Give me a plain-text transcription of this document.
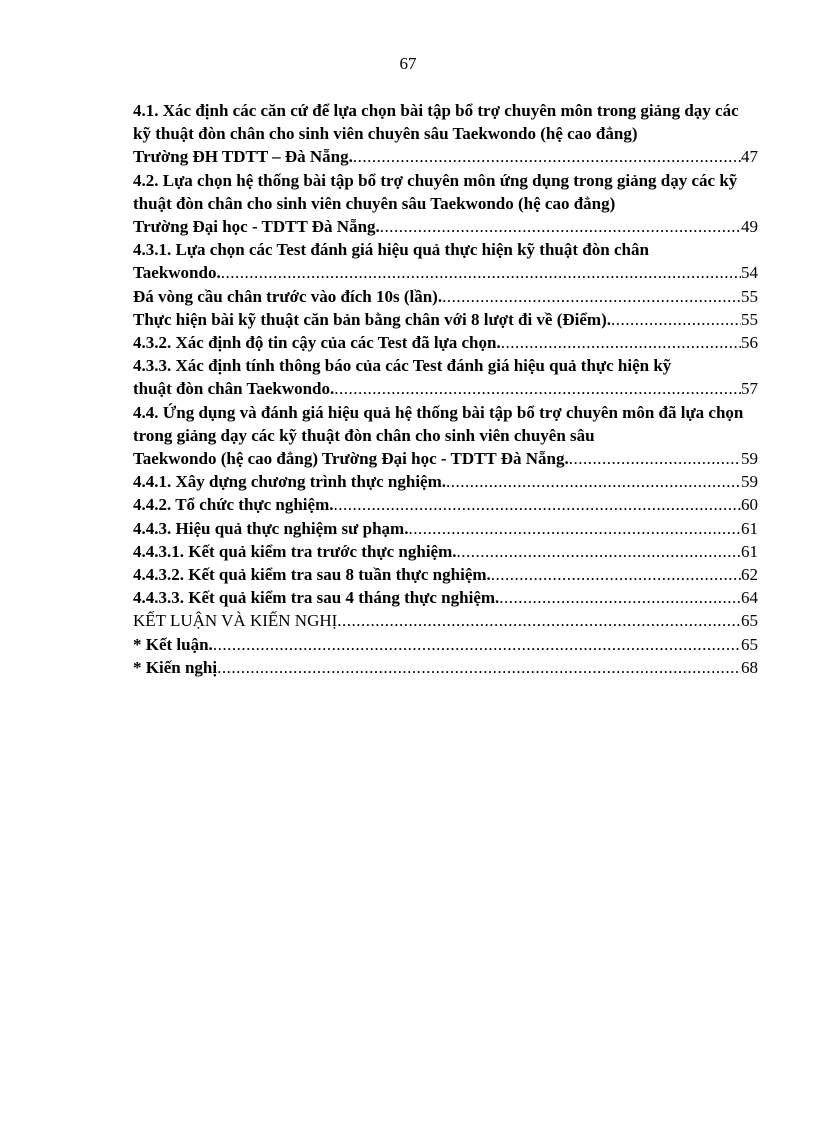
67
4.1. Xác định các căn cứ để lựa chọn bài tập bổ trợ chuyên môn trong giảng dạy các kỹ thuật đòn chân cho sinh viên chuyên sâu Taekwondo (hệ cao đẳng)
Trường ĐH TDTT – Đà Nẵng. .....	47
4.2. Lựa chọn hệ thống bài tập bổ trợ chuyên môn ứng dụng trong giảng dạy các kỹ thuật đòn chân cho sinh viên chuyên sâu Taekwondo (hệ cao đẳng)
Trường Đại học - TDTT Đà Nẵng. .....	49
4.3.1. Lựa chọn các Test đánh giá hiệu quả thực hiện kỹ thuật đòn chân
Taekwondo. .....	54
Đá vòng cầu chân trước vào đích 10s (lần). .....	55
Thực hiện bài kỹ thuật căn bản bằng chân với 8 lượt đi về (Điểm). .....	55
4.3.2. Xác định độ tin cậy của các Test đã lựa chọn. .....	56
4.3.3. Xác định tính thông báo của các Test đánh giá hiệu quả thực hiện kỹ
thuật đòn chân Taekwondo. .....	57
4.4. Ứng dụng và đánh giá hiệu quả hệ thống bài tập bổ trợ chuyên môn đã lựa chọn trong giảng dạy các kỹ thuật đòn chân cho sinh viên chuyên sâu
Taekwondo (hệ cao đẳng) Trường Đại học - TDTT Đà Nẵng. .....	59
4.4.1. Xây dựng chương trình thực nghiệm. .....	59
4.4.2. Tổ chức thực nghiệm. .....	60
4.4.3. Hiệu quả thực nghiệm sư phạm. .....	61
4.4.3.1. Kết quả kiểm tra trước thực nghiệm. .....	61
4.4.3.2. Kết quả kiểm tra sau 8 tuần thực nghiệm. .....	62
4.4.3.3. Kết quả kiểm tra sau 4 tháng thực nghiệm. .....	64
KẾT LUẬN VÀ KIẾN NGHỊ .....	65
* Kết luận. .....	65
* Kiến nghị .....	68
